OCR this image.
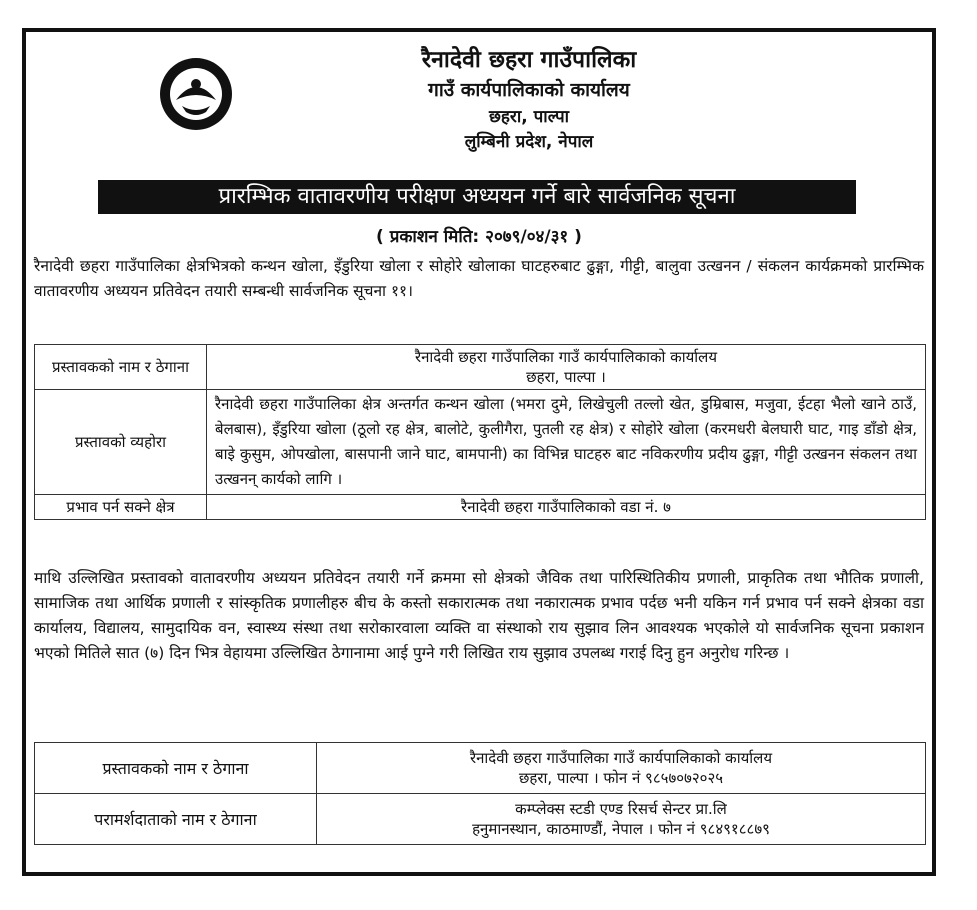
रैनादेवी छहरा गाउँपालिका
गाउँ कार्यपालिकाको कार्यालय
छहरा, पाल्पा
लुम्बिनी प्रदेश, नेपाल
प्रारम्भिक वातावरणीय परीक्षण अध्ययन गर्ने बारे सार्वजनिक सूचना
( प्रकाशन मिति: २०७९/०४/३१ )
रैनादेवी छहरा गाउँपालिका क्षेत्रभित्रको कन्थन खोला, इँडुरिया खोला र सोहोरे खोलाका घाटहरुबाट ढुङ्गा, गीट्टी, बालुवा उत्खनन / संकलन कार्यक्रमको प्रारम्भिक वातावरणीय अध्ययन प्रतिवेदन तयारी सम्बन्धी सार्वजनिक सूचना ११।
प्रस्तावकको नाम र ठेगाना	रैनादेवी छहरा गाउँपालिका गाउँ कार्यपालिकाको कार्यालय
छहरा, पाल्पा ।

प्रस्तावको व्यहोरा	रैनादेवी छहरा गाउँपालिका क्षेत्र अन्तर्गत कन्थन खोला (भमरा दुमे, लिखेचुली तल्लो खेत, डुम्रिबास, मजुवा, ईटहा भैलो खाने ठाउँ, बेलबास), इँडुरिया खोला (ठूलो रह क्षेत्र, बालोटे, कुलीगैरा, पुतली रह क्षेत्र) र सोहोरे खोला (करमधरी बेलघारी घाट, गाइ डाँडो क्षेत्र, बाइे कुसुम, ओपखोला, बासपानी जाने घाट, बामपानी) का विभिन्न घाटहरु बाट नविकरणीय प्रदीय ढुङ्गा, गीट्टी उत्खनन संकलन तथा उत्खनन् कार्यको लागि ।
प्रभाव पर्न सक्ने क्षेत्र	रैनादेवी छहरा गाउँपालिकाको वडा नं. ७
माथि उल्लिखित प्रस्तावको वातावरणीय अध्ययन प्रतिवेदन तयारी गर्ने क्रममा सो क्षेत्रको जैविक तथा पारिस्थितिकीय प्रणाली, प्राकृतिक तथा भौतिक प्रणाली, सामाजिक तथा आर्थिक प्रणाली र सांस्कृतिक प्रणालीहरु बीच के कस्तो सकारात्मक तथा नकारात्मक प्रभाव पर्दछ भनी यकिन गर्न प्रभाव पर्न सक्ने क्षेत्रका वडा कार्यालय, विद्यालय, सामुदायिक वन, स्वास्थ्य संस्था तथा सरोकारवाला व्यक्ति वा संस्थाको राय सुझाव लिन आवश्यक भएकोले यो सार्वजनिक सूचना प्रकाशन भएको मितिले सात (७) दिन भित्र वेहायमा उल्लिखित ठेगानामा आई पुग्ने गरी लिखित राय सुझाव उपलब्ध गराई दिनु हुन अनुरोध गरिन्छ ।
प्रस्तावकको नाम र ठेगाना	रैनादेवी छहरा गाउँपालिका गाउँ कार्यपालिकाको कार्यालय
छहरा, पाल्पा । फोन नं ९८५७०७२०२५

परामर्शदाताको नाम र ठेगाना	कम्प्लेक्स स्टडी एण्ड रिसर्च सेन्टर प्रा.लि
हनुमानस्थान, काठमाण्डौं, नेपाल । फोन नं ९८४९१८८७९
